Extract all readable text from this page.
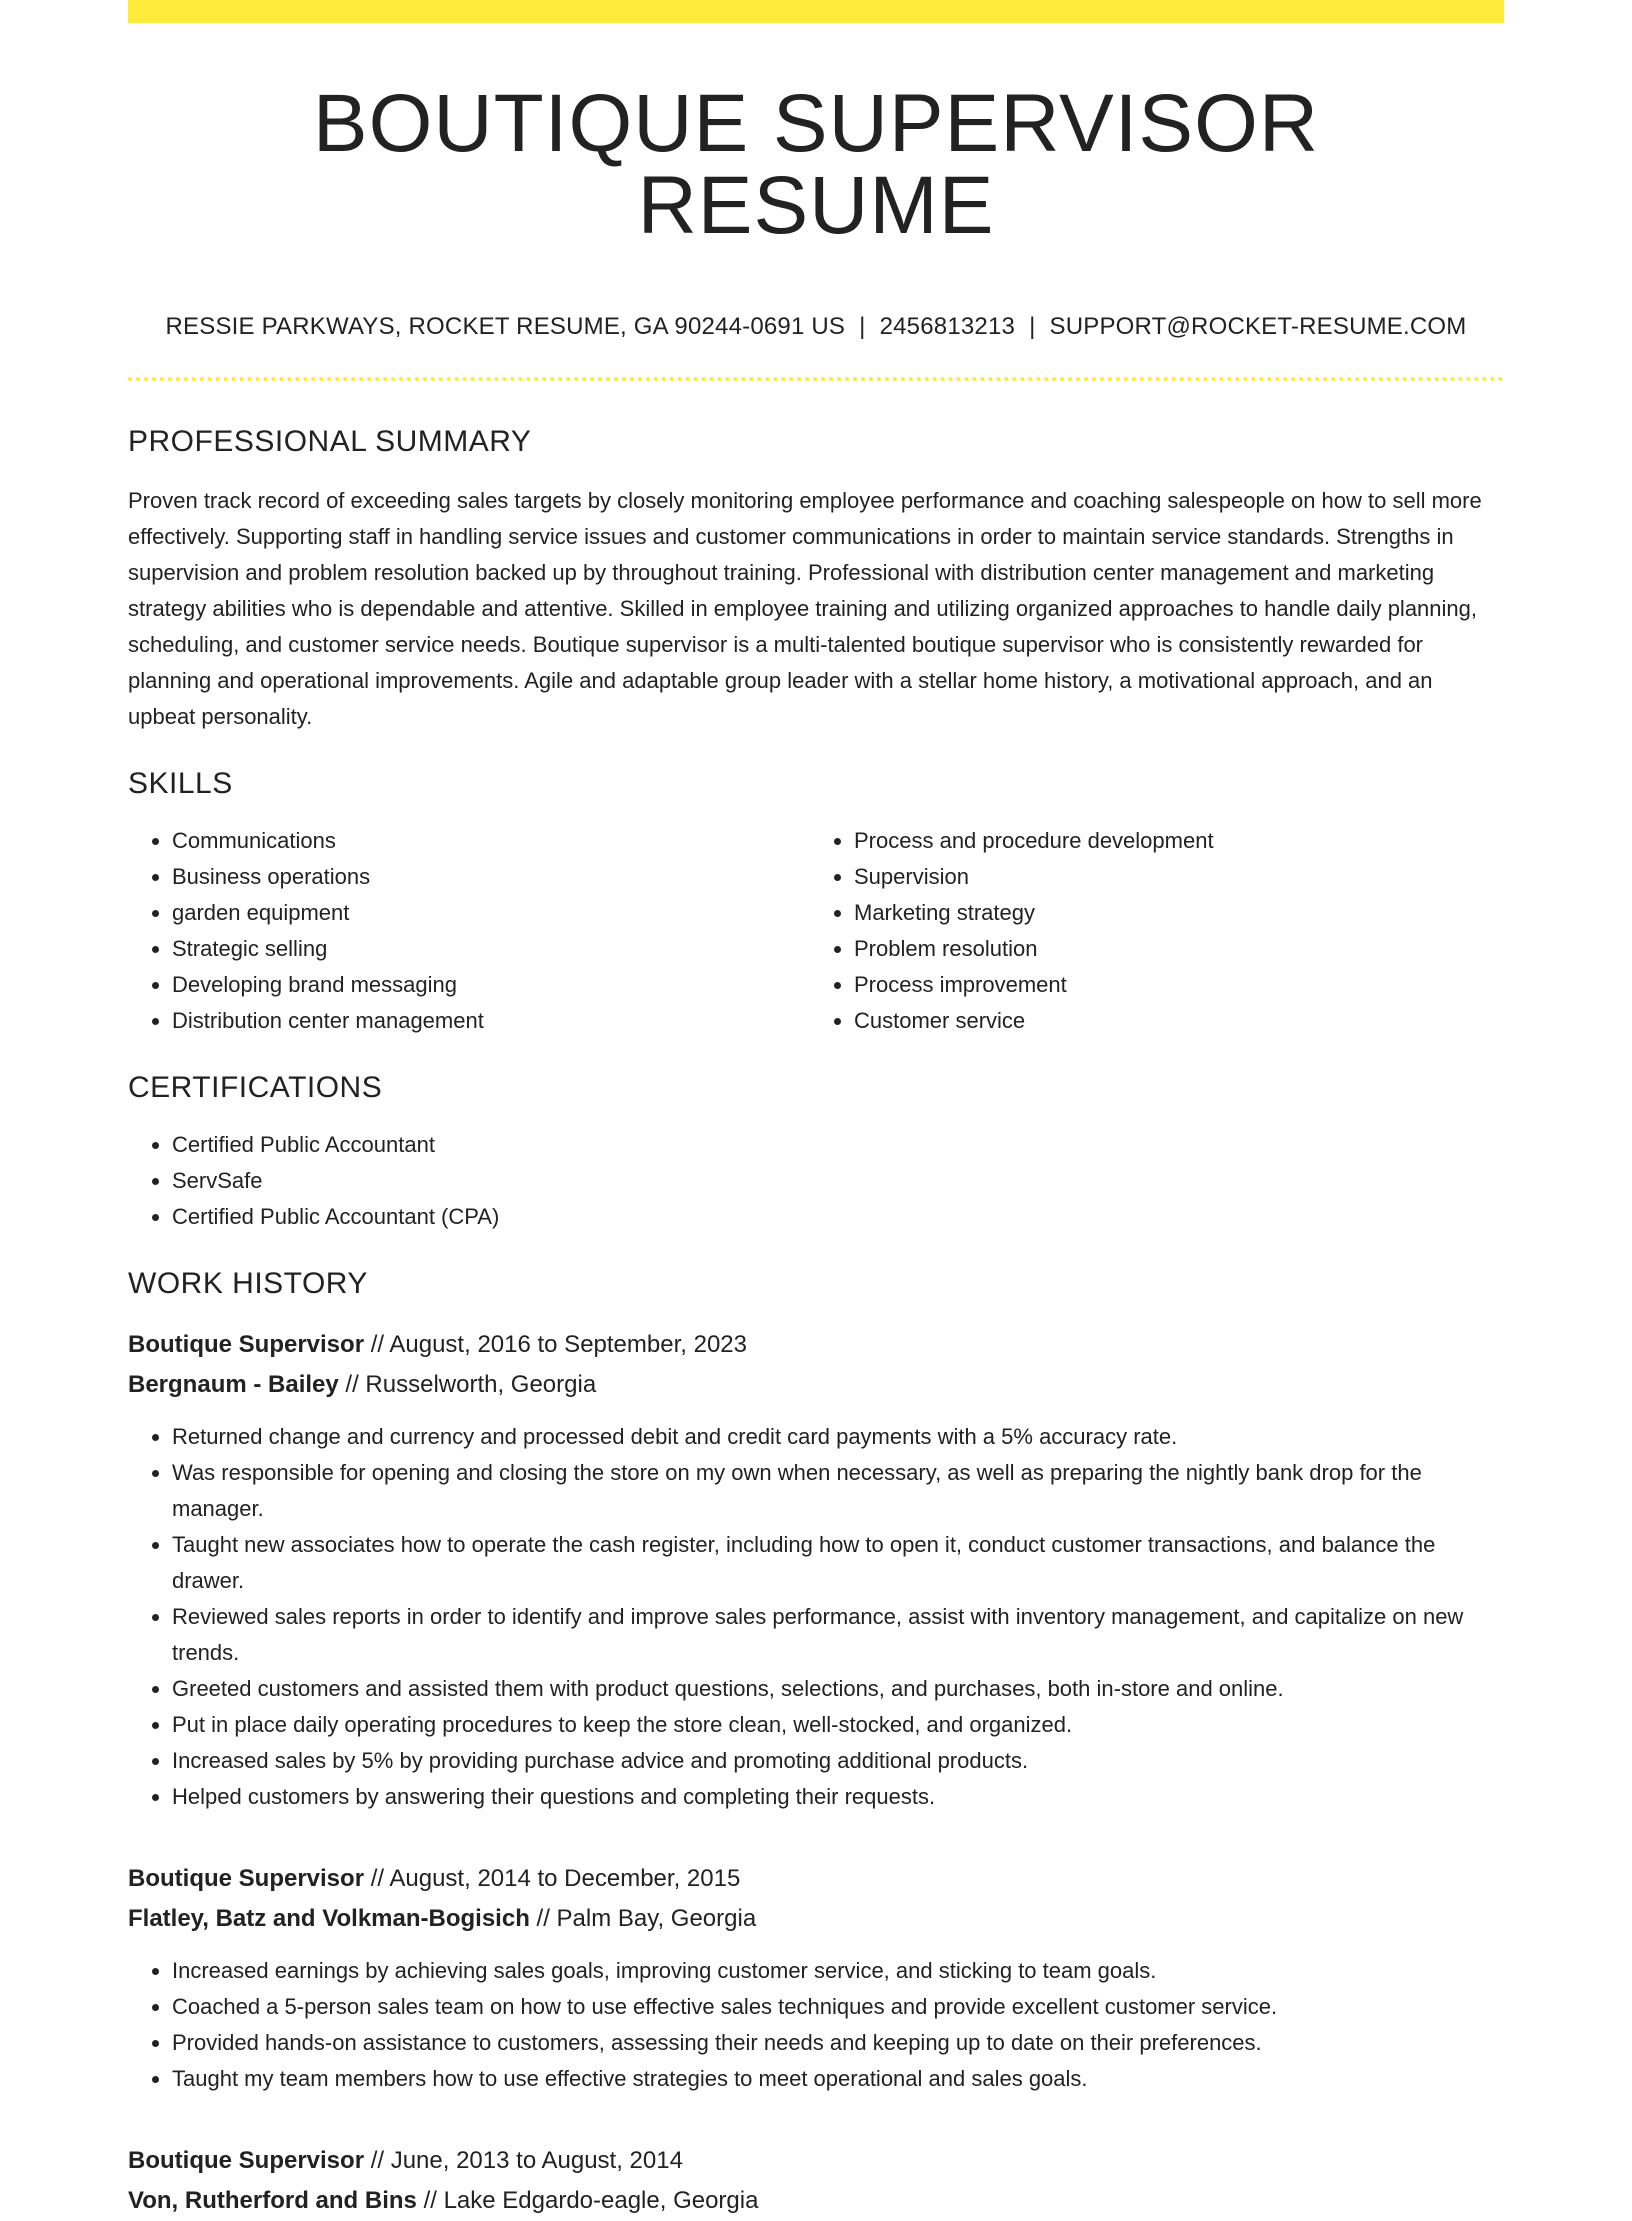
BOUTIQUE SUPERVISOR RESUME
RESSIE PARKWAYS, ROCKET RESUME, GA 90244-0691 US | 2456813213 | SUPPORT@ROCKET-RESUME.COM
PROFESSIONAL SUMMARY

Proven track record of exceeding sales targets by closely monitoring employee performance and coaching salespeople on how to sell more effectively. Supporting staff in handling service issues and customer communications in order to maintain service standards. Strengths in supervision and problem resolution backed up by throughout training. Professional with distribution center management and marketing strategy abilities who is dependable and attentive. Skilled in employee training and utilizing organized approaches to handle daily planning, scheduling, and customer service needs. Boutique supervisor is a multi-talented boutique supervisor who is consistently rewarded for planning and operational improvements. Agile and adaptable group leader with a stellar home history, a motivational approach, and an upbeat personality.

SKILLS
• Communications
• Business operations
• garden equipment
• Strategic selling
• Developing brand messaging
• Distribution center management
• Process and procedure development
• Supervision
• Marketing strategy
• Problem resolution
• Process improvement
• Customer service
CERTIFICATIONS
• Certified Public Accountant
• ServSafe
• Certified Public Accountant (CPA)
WORK HISTORY
Boutique Supervisor // August, 2016 to September, 2023
Bergnaum - Bailey // Russelworth, Georgia
• Returned change and currency and processed debit and credit card payments with a 5% accuracy rate.
• Was responsible for opening and closing the store on my own when necessary, as well as preparing the nightly bank drop for the manager.
• Taught new associates how to operate the cash register, including how to open it, conduct customer transactions, and balance the drawer.
• Reviewed sales reports in order to identify and improve sales performance, assist with inventory management, and capitalize on new trends.
• Greeted customers and assisted them with product questions, selections, and purchases, both in-store and online.
• Put in place daily operating procedures to keep the store clean, well-stocked, and organized.
• Increased sales by 5% by providing purchase advice and promoting additional products.
• Helped customers by answering their questions and completing their requests.
Boutique Supervisor // August, 2014 to December, 2015
Flatley, Batz and Volkman-Bogisich // Palm Bay, Georgia
• Increased earnings by achieving sales goals, improving customer service, and sticking to team goals.
• Coached a 5-person sales team on how to use effective sales techniques and provide excellent customer service.
• Provided hands-on assistance to customers, assessing their needs and keeping up to date on their preferences.
• Taught my team members how to use effective strategies to meet operational and sales goals.
Boutique Supervisor // June, 2013 to August, 2014
Von, Rutherford and Bins // Lake Edgardo-eagle, Georgia
